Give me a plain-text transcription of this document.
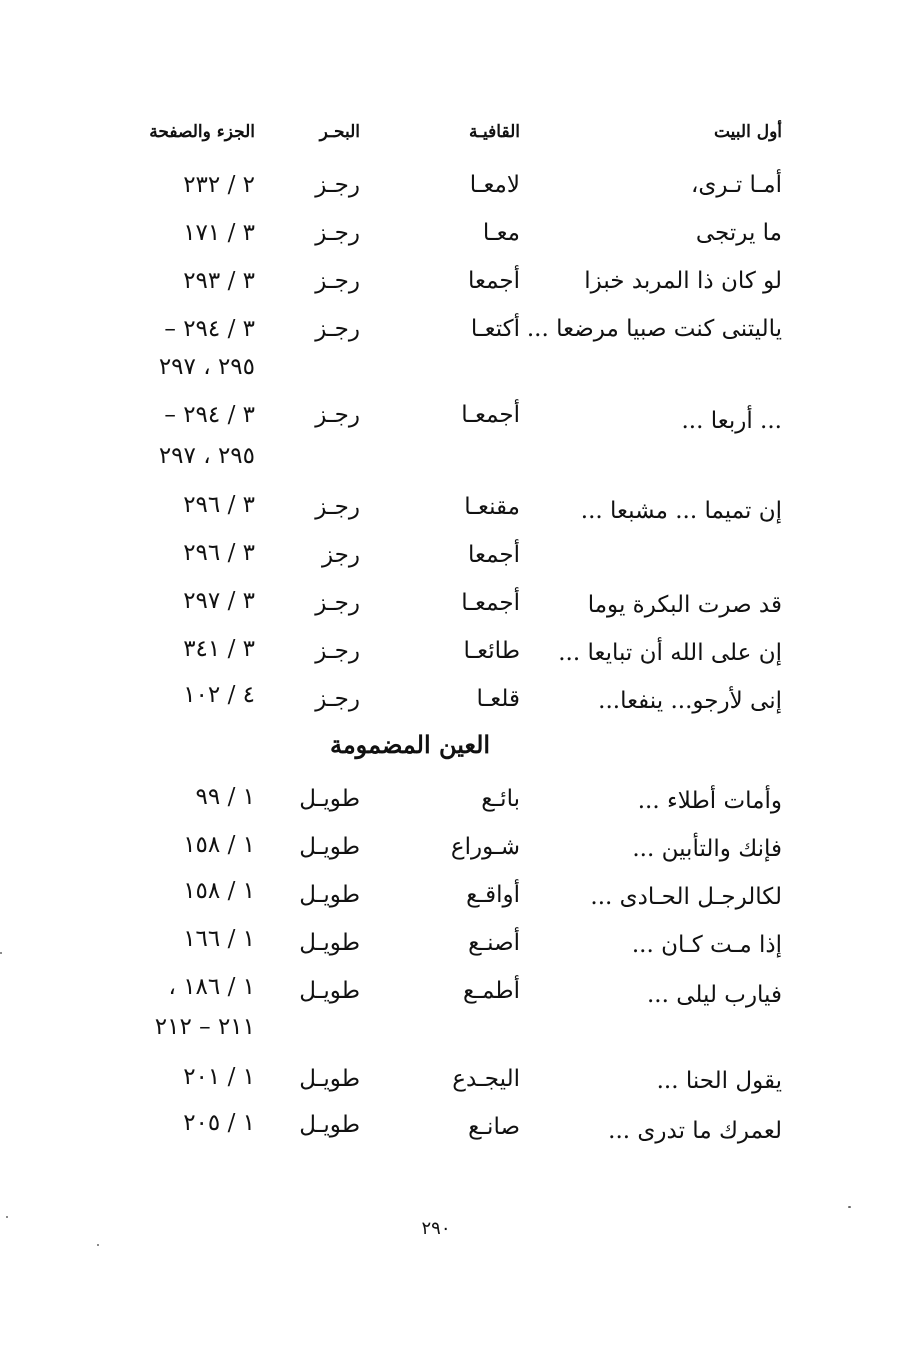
أول البيت
القافيـة
البحـر
الجزء والصفحة
أمـا تـرى،
لامعـا
رجـز
٢ / ٢٣٢
ما يرتجى
معـا
رجـز
٣ / ١٧١
لو كان ذا المربد خبزا
أجمعا
رجـز
٣ / ٢٩٣
ياليتنى كنت صبيا مرضعا ...
أكتعـا
رجـز
٣ / ٢٩٤ –
٢٩٥ ، ٢٩٧
... أربعا ...
أجمعـا
رجـز
٣ / ٢٩٤ –
٢٩٥ ، ٢٩٧
إن تميما ... مشبعا ...
مقنعـا
رجـز
٣ / ٢٩٦
أجمعا
رجز
٣ / ٢٩٦
قد صرت البكرة يوما
أجمعـا
رجـز
٣ / ٢٩٧
إن على الله أن تبايعا ...
طائعـا
رجـز
٣ / ٣٤١
إنى لأرجو... ينفعا...
قلعـا
رجـز
٤ / ١٠٢
العين المضمومة
وأمات أطلاء ...
بائـع
طويـل
١ / ٩٩
فإنك والتأبين ...
شـوراع
طويـل
١ / ١٥٨
لكالرجـل الحـادى ...
أواقـع
طويـل
١ / ١٥٨
إذا مـت كـان ...
أصنـع
طويـل
١ / ١٦٦
فيارب ليلى ...
أطمـع
طويـل
١ / ١٨٦ ،
٢١١ – ٢١٢
يقول الحنا ...
اليجـدع
طويـل
١ / ٢٠١
لعمرك ما تدرى ...
صانـع
طويـل
١ / ٢٠٥
٢٩٠
